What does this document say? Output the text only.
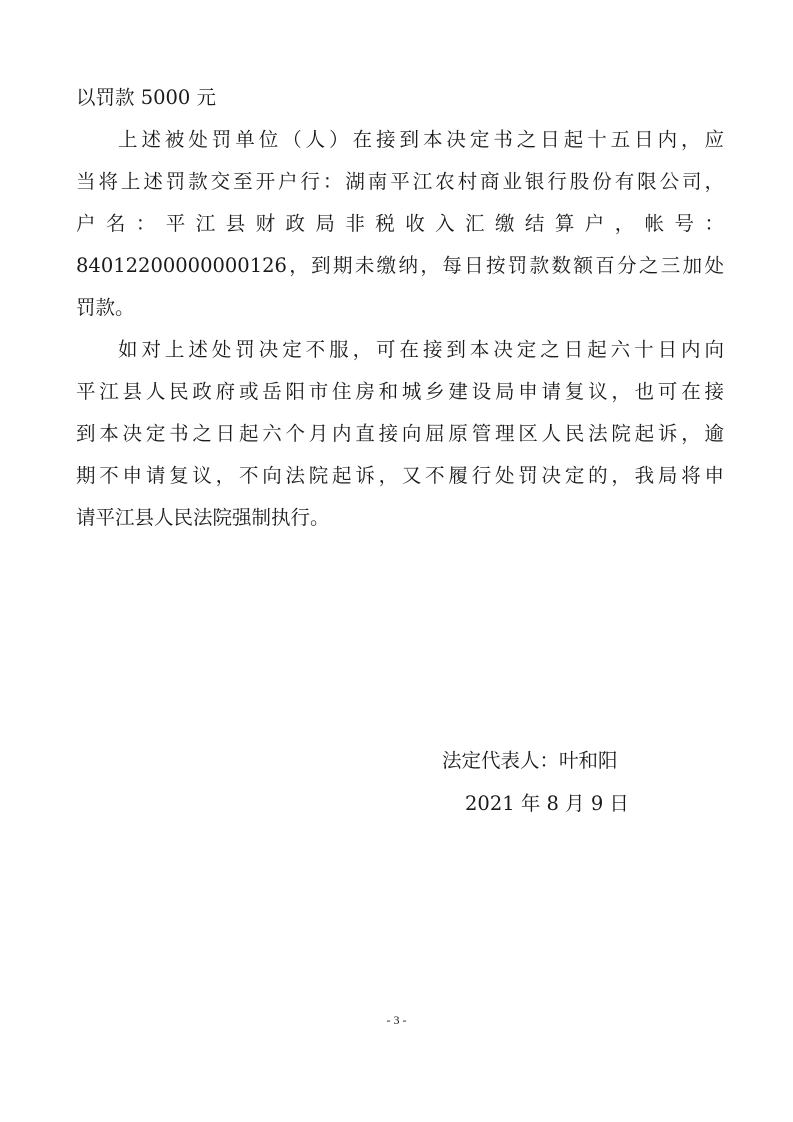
以罚款 5000 元

上述被处罚单位（人）在接到本决定书之日起十五日内，应

当将上述罚款交至开户行：湖南平江农村商业银行股份有限公司，

户名：平江县财政局非税收入汇缴结算户，帐号：

84012200000000126，到期未缴纳，每日按罚款数额百分之三加处

罚款。

如对上述处罚决定不服，可在接到本决定之日起六十日内向

平江县人民政府或岳阳市住房和城乡建设局申请复议，也可在接

到本决定书之日起六个月内直接向屈原管理区人民法院起诉，逾

期不申请复议，不向法院起诉，又不履行处罚决定的，我局将申

请平江县人民法院强制执行。

法定代表人：叶和阳

2021 年 8 月 9 日

- 3 -
